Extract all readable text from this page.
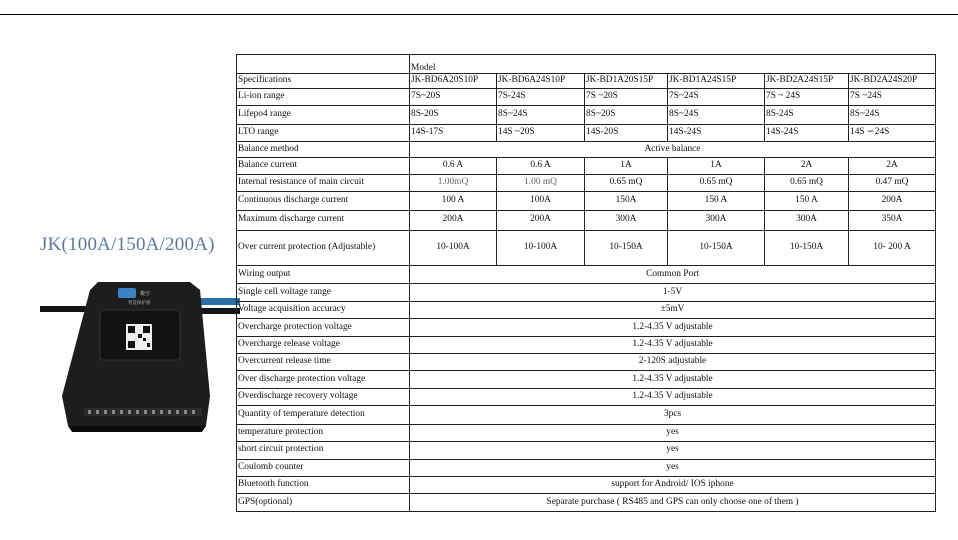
JK(100A/150A/200A)
极空
智能保护板
	Model					
Specifications	JK-BD6A20S10P	JK-BD6A24S10P	JK-BD1A20S15P	JK-BD1A24S15P	JK-BD2A24S15P	JK-BD2A24S20P
Li-ion range	7S~20S	7S-24S	7S ~20S	7S~24S	7S ~ 24S	7S ~24S
Lifepo4 range	8S-20S	8S~24S	8S~20S	8S~24S	8S-24S	8S~24S
LTO range	14S-17S	14S ~20S	14S-20S	14S-24S	14S-24S	14S ∽24S
Balance method	Active balance					
Balance current	0.6 A	0.6 A	1A	1A	2A	2A
Internal resistance of main circuit	1.00mQ	1.00 mQ	0.65 mQ	0.65 mQ	0.65 mQ	0.47 mQ
Continuous discharge current	100 A	100A	150A	150 A	150 A	200A
Maximum discharge current	200A	200A	300A	300A	300A	350A
Over current protection (Adjustable)	10-100A	10-100A	10-150A	10-150A	10-150A	10- 200 A
Wiring output	Common Port					
Single cell voltage range	1-5V					
Voltage acquisition accuracy	±5mV					
Overcharge protection voltage	1.2-4.35 V adjustable					
Overcharge release voltage	1.2-4.35 V adjustable					
Overcurrent release time	2-120S adjustable					
Over discharge protection voltage	1.2-4.35 V adjustable					
Overdischarge recovery voltage	1.2-4.35 V adjustable					
Quantity of temperature detection	3pcs					
temperature protection	yes					
short circuit protection	yes					
Coulomb counter	yes					
Bluetooth function	support for Android/ IOS iphone					
GPS(optional)	Separate purchase ( RS485 and GPS can only choose one of them )					
